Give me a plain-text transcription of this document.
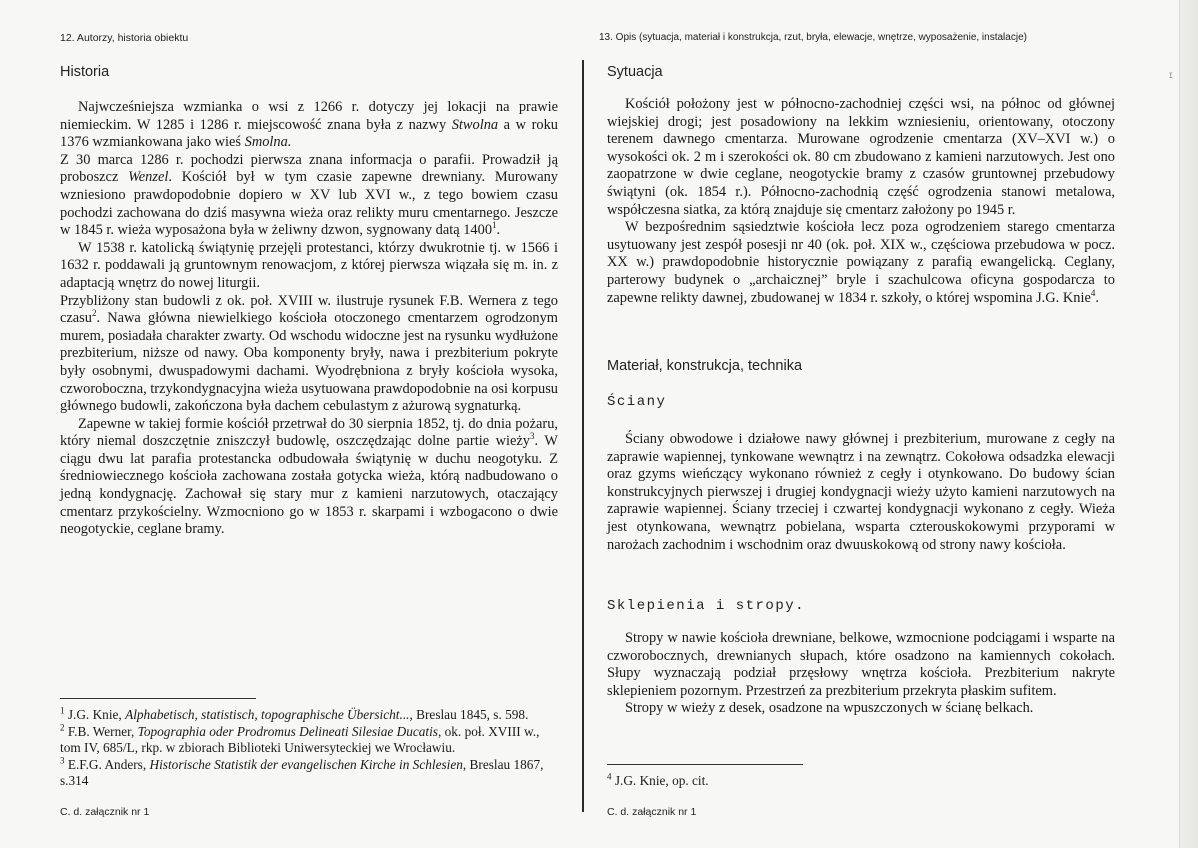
12. Autorzy, historia obiektu
Historia

Najwcześniejsza wzmianka o wsi z 1266 r. dotyczy jej lokacji na prawie niemieckim. W 1285 i 1286 r. miejscowość znana była z nazwy Stwolna a w roku 1376 wzmiankowana jako wieś Smolna.

Z 30 marca 1286 r. pochodzi pierwsza znana informacja o parafii. Prowadził ją proboszcz Wenzel. Kościół był w tym czasie zapewne drewniany. Murowany wzniesiono prawdopodobnie dopiero w XV lub XVI w., z tego bowiem czasu pochodzi zachowana do dziś masywna wieża oraz relikty muru cmentarnego. Jeszcze w 1845 r. wieża wyposażona była w żeliwny dzwon, sygnowany datą 1400$^1$.

W 1538 r. katolicką świątynię przejęli protestanci, którzy dwukrotnie tj. w 1566 i 1632 r. poddawali ją gruntownym renowacjom, z której pierwsza wiązała się m. in. z adaptacją wnętrz do nowej liturgii.

Przybliżony stan budowli z ok. poł. XVIII w. ilustruje rysunek F.B. Wernera z tego czasu$^2$. Nawa główna niewielkiego kościoła otoczonego cmentarzem ogrodzonym murem, posiadała charakter zwarty. Od wschodu widoczne jest na rysunku wydłużone prezbiterium, niższe od nawy. Oba komponenty bryły, nawa i prezbiterium pokryte były osobnymi, dwuspadowymi dachami. Wyodrębniona z bryły kościoła wysoka, czworoboczna, trzykondygnacyjna wieża usytuowana prawdopodobnie na osi korpusu głównego budowli, zakończona była dachem cebulastym z ażurową sygnaturką.

Zapewne w takiej formie kościół przetrwał do 30 sierpnia 1852, tj. do dnia pożaru, który niemal doszczętnie zniszczył budowlę, oszczędzając dolne partie wieży$^3$. W ciągu dwu lat parafia protestancka odbudowała świątynię w duchu neogotyku. Z średniowiecznego kościoła zachowana została gotycka wieża, którą nadbudowano o jedną kondygnację. Zachował się stary mur z kamieni narzutowych, otaczający cmentarz przykościelny. Wzmocniono go w 1853 r. skarpami i wzbogacono o dwie neogotyckie, ceglane bramy.

$^1$ J.G. Knie, Alphabetisch, statistisch, topographische Übersicht..., Breslau 1845, s. 598.
$^2$ F.B. Werner, Topographia oder Prodromus Delineati Silesiae Ducatis, ok. poł. XVIII w., tom IV, 685/L, rkp. w zbiorach Biblioteki Uniwersyteckiej we Wrocławiu.
$^3$ E.F.G. Anders, Historische Statistik der evangelischen Kirche in Schlesien, Breslau 1867, s.314
C. d. załącznik nr 1
13. Opis (sytuacja, materiał i konstrukcja, rzut, bryła, elewacje, wnętrze, wyposażenie, instalacje)
Sytuacja

Kościół położony jest w północno-zachodniej części wsi, na północ od głównej wiejskiej drogi; jest posadowiony na lekkim wzniesieniu, orientowany, otoczony terenem dawnego cmentarza. Murowane ogrodzenie cmentarza (XV–XVI w.) o wysokości ok. 2 m i szerokości ok. 80 cm zbudowano z kamieni narzutowych. Jest ono zaopatrzone w dwie ceglane, neogotyckie bramy z czasów gruntownej przebudowy świątyni (ok. 1854 r.). Północno-zachodnią część ogrodzenia stanowi metalowa, współczesna siatka, za którą znajduje się cmentarz założony po 1945 r.

W bezpośrednim sąsiedztwie kościoła lecz poza ogrodzeniem starego cmentarza usytuowany jest zespół posesji nr 40 (ok. poł. XIX w., częściowa przebudowa w pocz. XX w.) prawdopodobnie historycznie powiązany z parafią ewangelicką. Ceglany, parterowy budynek o „archaicznej” bryle i szachulcowa oficyna gospodarcza to zapewne relikty dawnej, zbudowanej w 1834 r. szkoły, o której wspomina J.G. Knie$^4$.

Materiał, konstrukcja, technika
Ściany

Ściany obwodowe i działowe nawy głównej i prezbiterium, murowane z cegły na zaprawie wapiennej, tynkowane wewnątrz i na zewnątrz. Cokołowa odsadzka elewacji oraz gzyms wieńczący wykonano również z cegły i otynkowano. Do budowy ścian konstrukcyjnych pierwszej i drugiej kondygnacji wieży użyto kamieni narzutowych na zaprawie wapiennej. Ściany trzeciej i czwartej kondygnacji wykonano z cegły. Wieża jest otynkowana, wewnątrz pobielana, wsparta czterouskokowymi przyporami w narożach zachodnim i wschodnim oraz dwuuskokową od strony nawy kościoła.

Sklepienia i stropy.

Stropy w nawie kościoła drewniane, belkowe, wzmocnione podciągami i wsparte na czworobocznych, drewnianych słupach, które osadzono na kamiennych cokołach. Słupy wyznaczają podział przęsłowy wnętrza kościoła. Prezbiterium nakryte sklepieniem pozornym. Przestrzeń za prezbiterium przekryta płaskim sufitem.

Stropy w wieży z desek, osadzone na wpuszczonych w ścianę belkach.

$^4$ J.G. Knie, op. cit.
C. d. załącznik nr 1
ɪ
